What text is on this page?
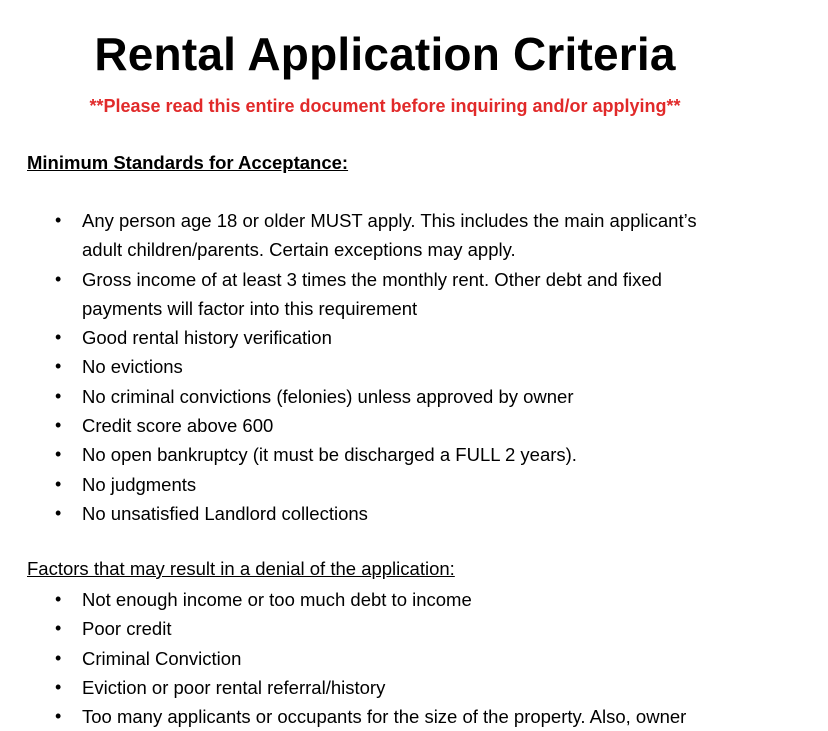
Rental Application Criteria
**Please read this entire document before inquiring and/or applying**
Minimum Standards for Acceptance:
• Any person age 18 or older MUST apply. This includes the main applicant’s
adult children/parents. Certain exceptions may apply.
• Gross income of at least 3 times the monthly rent. Other debt and fixed
payments will factor into this requirement
• Good rental history verification
• No evictions
• No criminal convictions (felonies) unless approved by owner
• Credit score above 600
• No open bankruptcy (it must be discharged a FULL 2 years).
• No judgments
• No unsatisfied Landlord collections
Factors that may result in a denial of the application:
• Not enough income or too much debt to income
• Poor credit
• Criminal Conviction
• Eviction or poor rental referral/history
• Too many applicants or occupants for the size of the property. Also, owner
